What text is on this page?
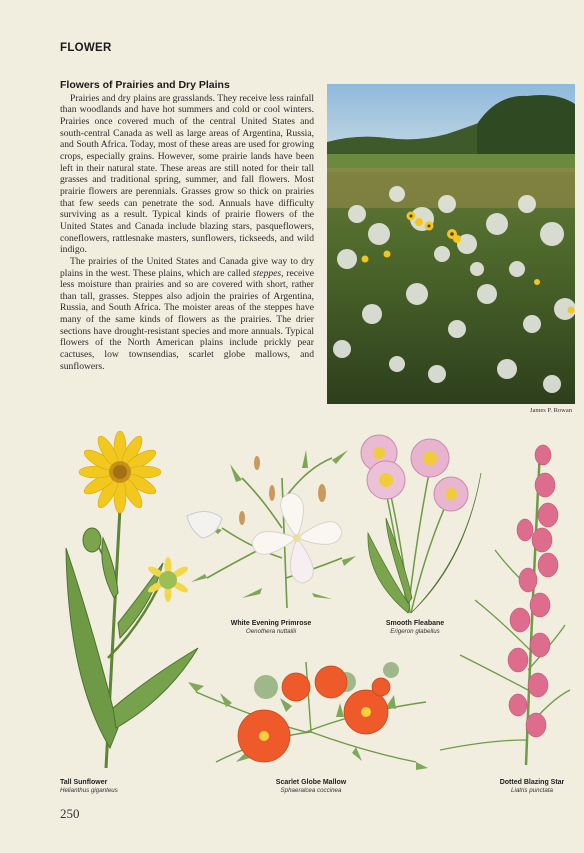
FLOWER
Flowers of Prairies and Dry Plains

Prairies and dry plains are grasslands. They receive less rainfall than woodlands and have hot summers and cold or cool winters. Prairies once covered much of the central United States and south-central Canada as well as large areas of Argentina, Russia, and South Africa. Today, most of these areas are used for growing crops, especially grains. However, some prairie lands have been left in their natural state. These areas are still noted for their tall grasses and traditional spring, summer, and fall flowers. Most prairie flowers are perennials. Grasses grow so thick on prairies that few seeds can penetrate the sod. Annuals have difficulty surviving as a result. Typical kinds of prairie flowers of the United States and Canada include blazing stars, pasqueflowers, coneflowers, rattlesnake masters, sunflowers, tickseeds, and wild indigo.

The prairies of the United States and Canada give way to dry plains in the west. These plains, which are called steppes, receive less moisture than prairies and so are covered with short, rather than tall, grasses. Steppes also adjoin the prairies of Argentina, Russia, and South Africa. The moister areas of the steppes have many of the same kinds of flowers as the prairies. The drier sections have drought-resistant species and more annuals. Typical flowers of the North American plains include prickly pear cactuses, low townsendias, scarlet globe mallows, and sunflowers.

James P. Rowan
White Evening Primrose
Oenothera nuttallii
Smooth Fleabane
Erigeron glabellus
Scarlet Globe Mallow
Sphaeralcea coccinea
Dotted Blazing Star
Liatris punctata
Tall Sunflower
Helianthus giganteus
250
